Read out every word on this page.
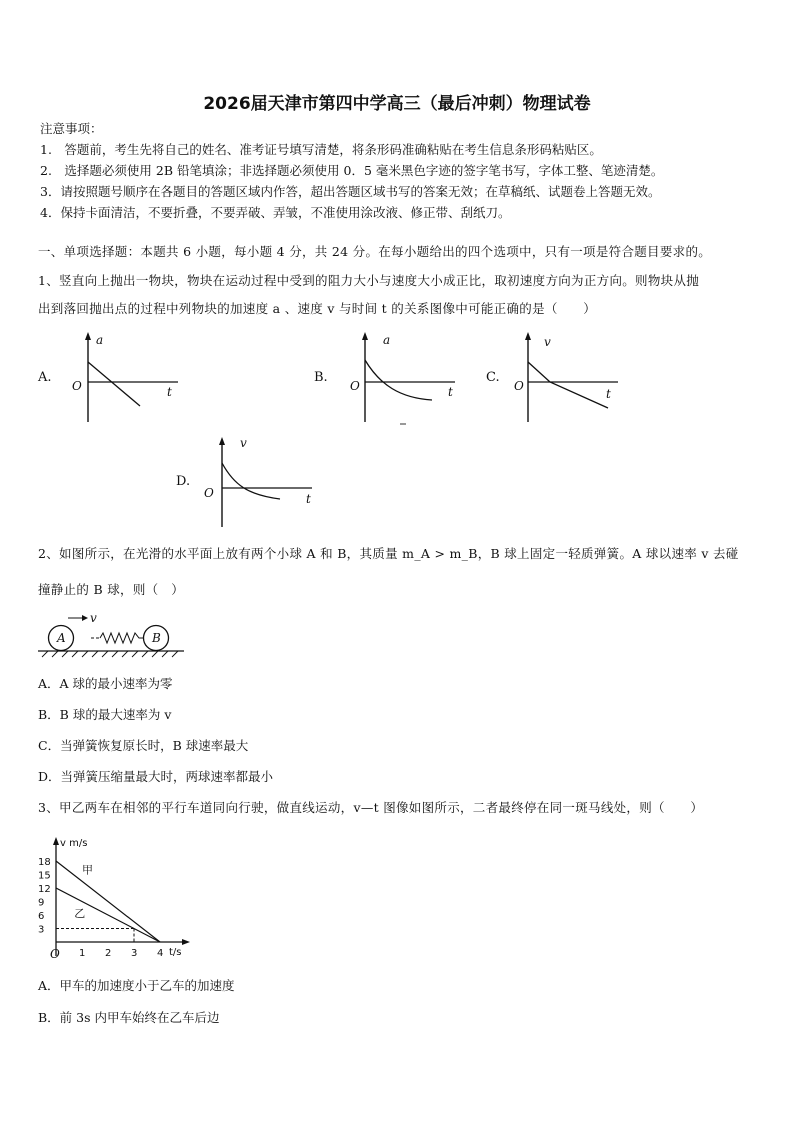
2026届天津市第四中学高三（最后冲刺）物理试卷
注意事项：
1.　答题前，考生先将自己的姓名、准考证号填写清楚，将条形码准确粘贴在考生信息条形码粘贴区。
2.　选择题必须使用 2B 铅笔填涂；非选择题必须使用 0．5 毫米黑色字迹的签字笔书写，字体工整、笔迹清楚。
3．请按照题号顺序在各题目的答题区域内作答，超出答题区域书写的答案无效；在草稿纸、试题卷上答题无效。
4．保持卡面清洁，不要折叠，不要弄破、弄皱，不准使用涂改液、修正带、刮纸刀。
一、单项选择题：本题共 6 小题，每小题 4 分，共 24 分。在每小题给出的四个选项中，只有一项是符合题目要求的。
1、竖直向上抛出一物块，物块在运动过程中受到的阻力大小与速度大小成正比，取初速度方向为正方向。则物块从抛
出到落回抛出点的过程中列物块的加速度 a 、速度 v 与时间 t 的关系图像中可能正确的是（　　）
A.
a
t
O
B.
a
t
O
C.
v
t
O
D.
v
t
O
2、如图所示，在光滑的水平面上放有两个小球 A 和 B，其质量 m_A > m_B，B 球上固定一轻质弹簧。A 球以速率 v 去碰
撞静止的 B 球，则（　）
v
A	B
A．A 球的最小速率为零
B．B 球的最大速率为 v
C．当弹簧恢复原长时，B 球速率最大
D．当弹簧压缩量最大时，两球速率都最小
3、甲乙两车在相邻的平行车道同向行驶，做直线运动，v—t 图像如图所示，二者最终停在同一斑马线处，则（　　）
v m/s
t/s
O
18
15
12
9
6
3
1 2 3 4
甲
乙
A．甲车的加速度小于乙车的加速度
B．前 3s 内甲车始终在乙车后边
